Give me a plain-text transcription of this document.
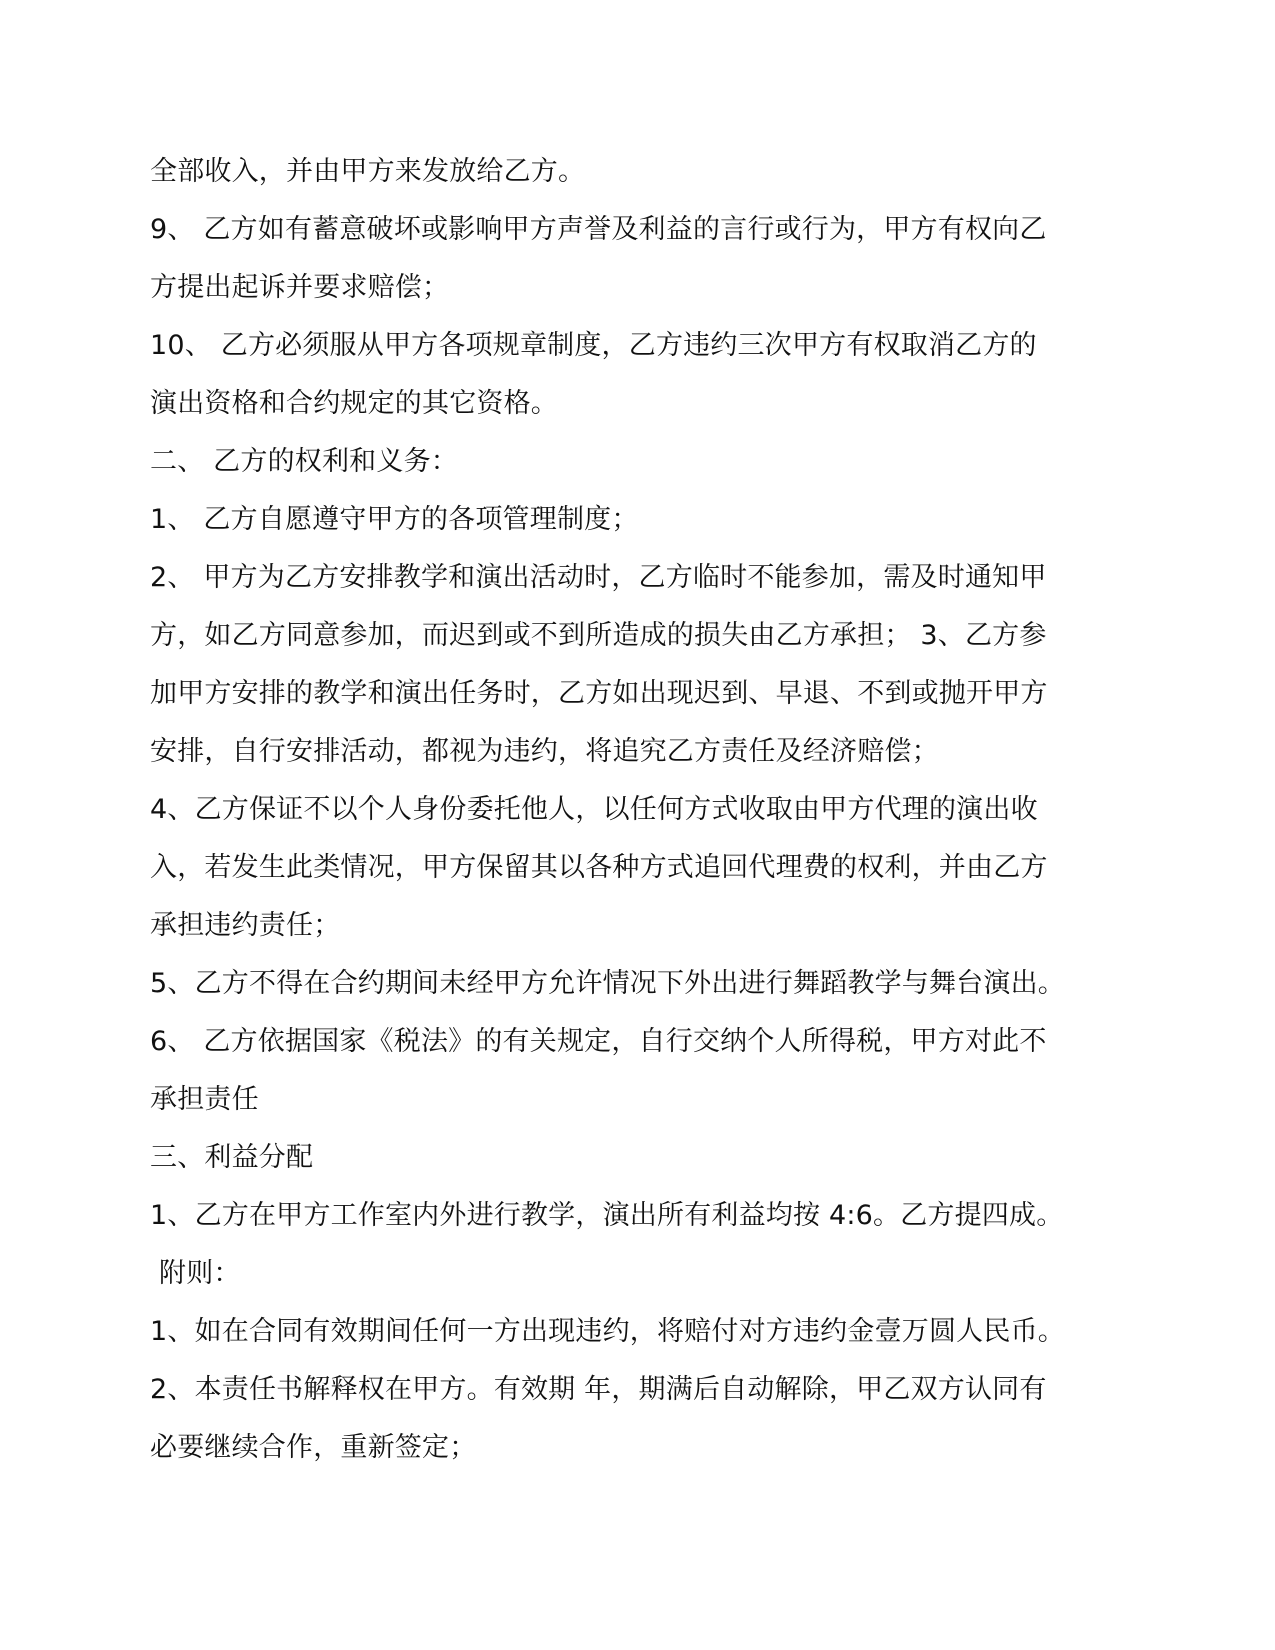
全部收入，并由甲方来发放给乙方。
9、 乙方如有蓄意破坏或影响甲方声誉及利益的言行或行为，甲方有权向乙
方提出起诉并要求赔偿；
10、 乙方必须服从甲方各项规章制度，乙方违约三次甲方有权取消乙方的
演出资格和合约规定的其它资格。
二、 乙方的权利和义务：
1、 乙方自愿遵守甲方的各项管理制度；
2、 甲方为乙方安排教学和演出活动时，乙方临时不能参加，需及时通知甲
方，如乙方同意参加，而迟到或不到所造成的损失由乙方承担； 3、乙方参
加甲方安排的教学和演出任务时，乙方如出现迟到、早退、不到或抛开甲方
安排，自行安排活动，都视为违约，将追究乙方责任及经济赔偿；
4、乙方保证不以个人身份委托他人，以任何方式收取由甲方代理的演出收
入，若发生此类情况，甲方保留其以各种方式追回代理费的权利，并由乙方
承担违约责任；
5、乙方不得在合约期间未经甲方允许情况下外出进行舞蹈教学与舞台演出。
6、 乙方依据国家《税法》的有关规定，自行交纳个人所得税，甲方对此不
承担责任
三、利益分配
1、乙方在甲方工作室内外进行教学，演出所有利益均按 4:6。乙方提四成。
附则：
1、如在合同有效期间任何一方出现违约，将赔付对方违约金壹万圆人民币。
2、本责任书解释权在甲方。有效期 年，期满后自动解除，甲乙双方认同有
必要继续合作，重新签定；
